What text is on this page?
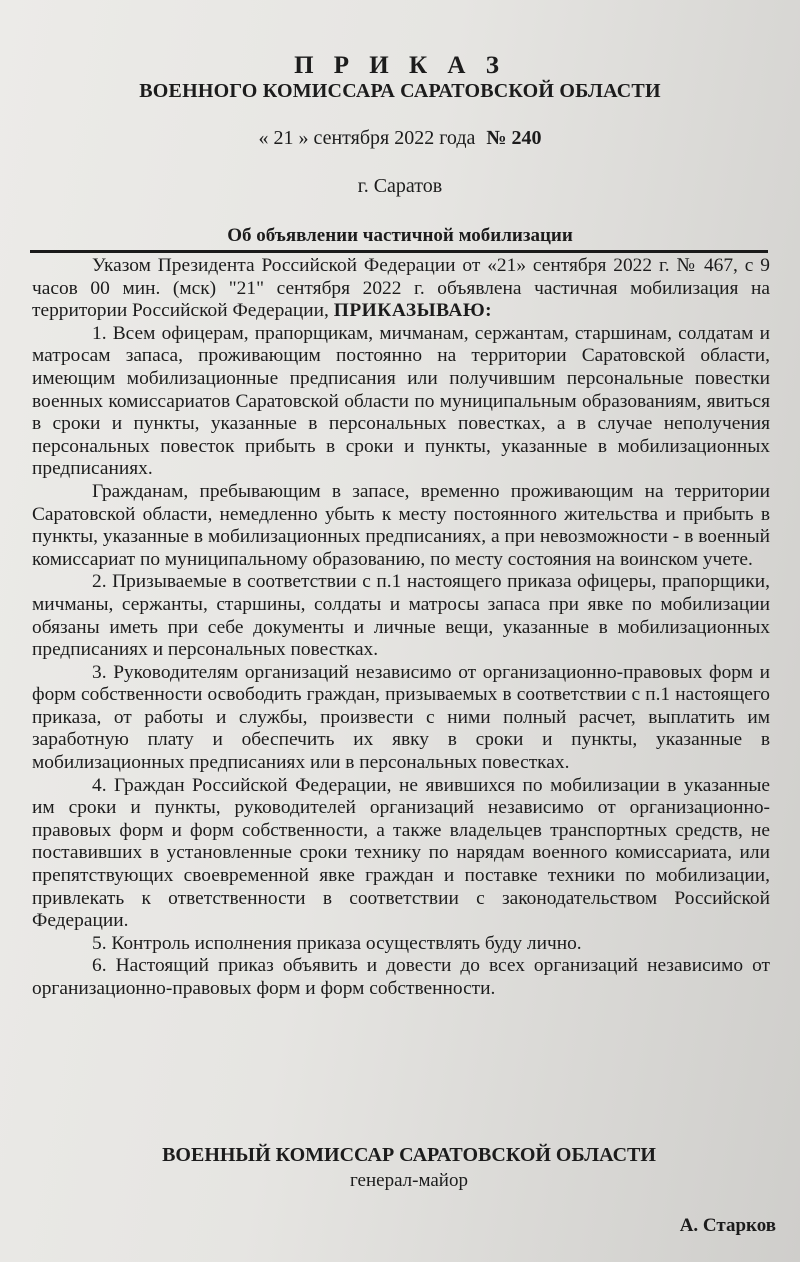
П Р И К А З
ВОЕННОГО КОМИССАРА САРАТОВСКОЙ ОБЛАСТИ
« 21 » сентября 2022 года № 240
г. Саратов
Об объявлении частичной мобилизации

Указом Президента Российской Федерации от «21» сентября 2022 г. № 467, с 9 часов 00 мин. (мск) "21" сентября 2022 г. объявлена частичная мобилизация на территории Российской Федерации, ПРИКАЗЫВАЮ:

1. Всем офицерам, прапорщикам, мичманам, сержантам, старшинам, солдатам и матросам запаса, проживающим постоянно на территории Саратовской области, имеющим мобилизационные предписания или получившим персональные повестки военных комиссариатов Саратовской области по муниципальным образованиям, явиться в сроки и пункты, указанные в персональных повестках, а в случае неполучения персональных повесток прибыть в сроки и пункты, указанные в мобилизационных предписаниях.

Гражданам, пребывающим в запасе, временно проживающим на территории Саратовской области, немедленно убыть к месту постоянного жительства и прибыть в пункты, указанные в мобилизационных предписаниях, а при невозможности - в военный комиссариат по муниципальному образованию, по месту состояния на воинском учете.

2. Призываемые в соответствии с п.1 настоящего приказа офицеры, прапорщики, мичманы, сержанты, старшины, солдаты и матросы запаса при явке по мобилизации обязаны иметь при себе документы и личные вещи, указанные в мобилизационных предписаниях и персональных повестках.

3. Руководителям организаций независимо от организационно-правовых форм и форм собственности освободить граждан, призываемых в соответствии с п.1 настоящего приказа, от работы и службы, произвести с ними полный расчет, выплатить им заработную плату и обеспечить их явку в сроки и пункты, указанные в мобилизационных предписаниях или в персональных повестках.

4. Граждан Российской Федерации, не явившихся по мобилизации в указанные им сроки и пункты, руководителей организаций независимо от организационно-правовых форм и форм собственности, а также владельцев транспортных средств, не поставивших в установленные сроки технику по нарядам военного комиссариата, или препятствующих своевременной явке граждан и поставке техники по мобилизации, привлекать к ответственности в соответствии с законодательством Российской Федерации.

5. Контроль исполнения приказа осуществлять буду лично.

6. Настоящий приказ объявить и довести до всех организаций независимо от организационно-правовых форм и форм собственности.

ВОЕННЫЙ КОМИССАР САРАТОВСКОЙ ОБЛАСТИ
генерал-майор
А. Старков
